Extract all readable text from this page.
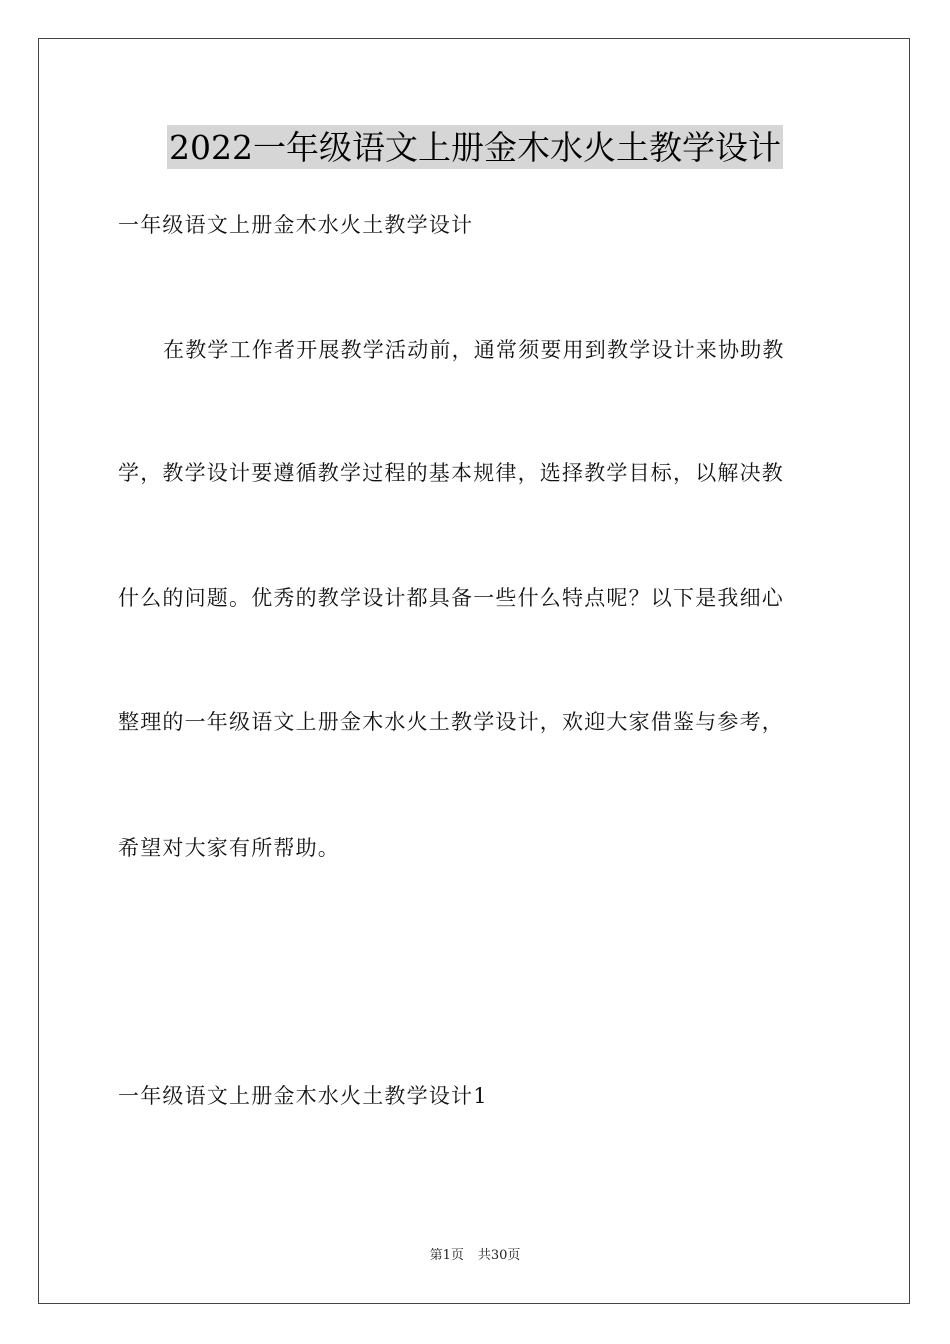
2022一年级语文上册金木水火土教学设计
一年级语文上册金木水火土教学设计
在教学工作者开展教学活动前，通常须要用到教学设计来协助教
学，教学设计要遵循教学过程的基本规律，选择教学目标，以解决教
什么的问题。优秀的教学设计都具备一些什么特点呢？以下是我细心
整理的一年级语文上册金木水火土教学设计，欢迎大家借鉴与参考，
希望对大家有所帮助。
一年级语文上册金木水火土教学设计1
第1页 共30页
